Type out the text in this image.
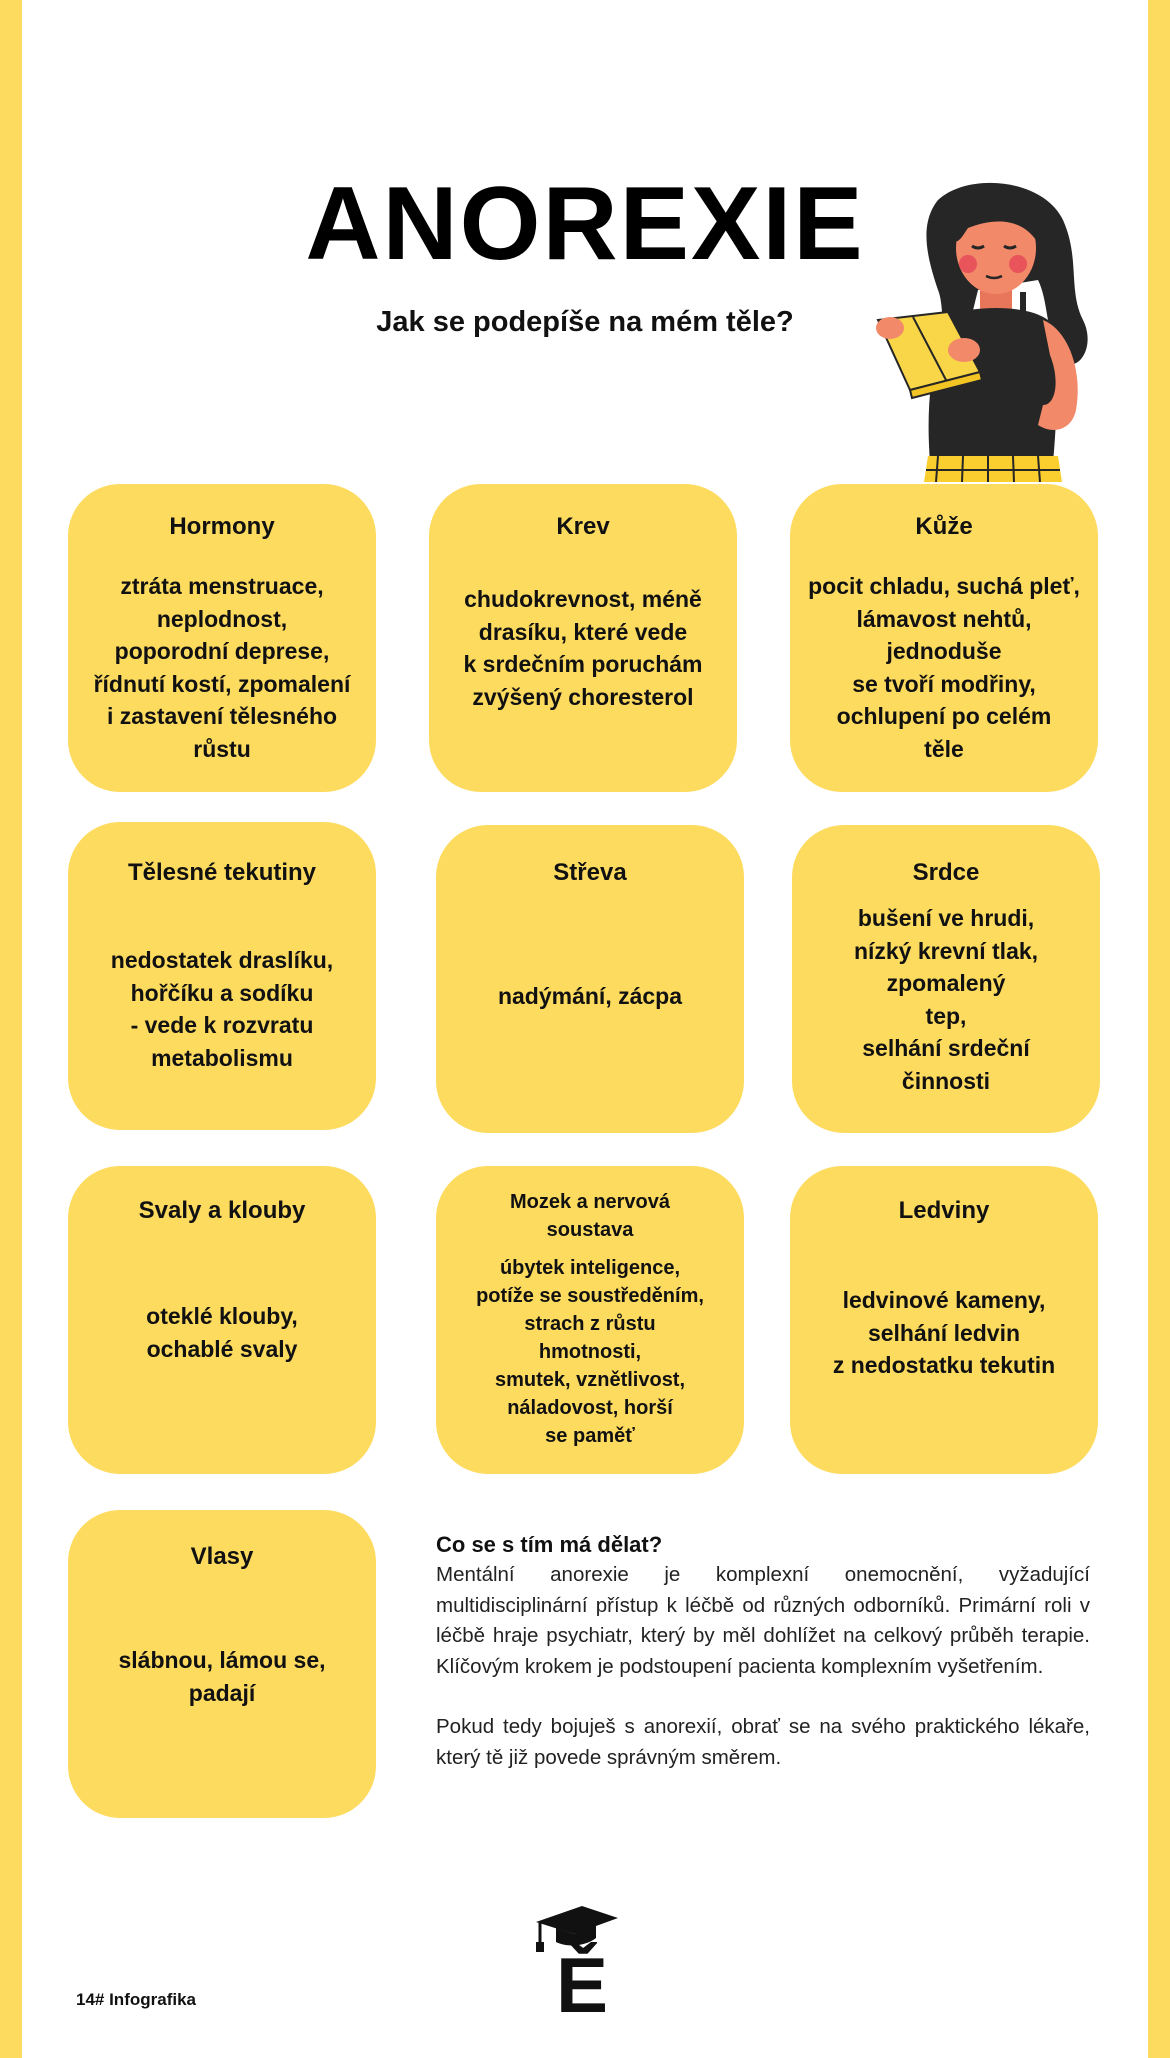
ANOREXIE
Jak se podepíše na mém těle?
Hormony
ztráta menstruace,
neplodnost,
poporodní deprese,
řídnutí kostí, zpomalení
i zastavení tělesného
růstu
Krev
chudokrevnost, méně
drasíku, které vede
k srdečním poruchám
zvýšený choresterol
Kůže
pocit chladu, suchá pleť,
lámavost nehtů,
jednoduše
se tvoří modřiny,
ochlupení po celém
těle
Tělesné tekutiny
nedostatek draslíku,
hořčíku a sodíku
- vede k rozvratu
metabolismu
Střeva
nadýmání, zácpa
Srdce
bušení ve hrudi,
nízký krevní tlak,
zpomalený
tep,
selhání srdeční
činnosti
Svaly a klouby
oteklé klouby,
ochablé svaly
Mozek a nervová
soustava
úbytek inteligence,
potíže se soustředěním,
strach z růstu
hmotnosti,
smutek, vznětlivost,
náladovost, horší
se paměť
Ledviny
ledvinové kameny,
selhání ledvin
z nedostatku tekutin
Vlasy
slábnou, lámou se,
padají
Co se s tím má dělat?

Mentální anorexie je komplexní onemocnění, vyžadující multidisciplinární přístup k léčbě od různých odborníků. Primární roli v léčbě hraje psychiatr, který by měl dohlížet na celkový průběh terapie. Klíčovým krokem je podstoupení pacienta komplexním vyšetřením.

Pokud tedy bojuješ s anorexií, obrať se na svého praktického lékaře, který tě již povede správným směrem.

Ě
14# Infografika
